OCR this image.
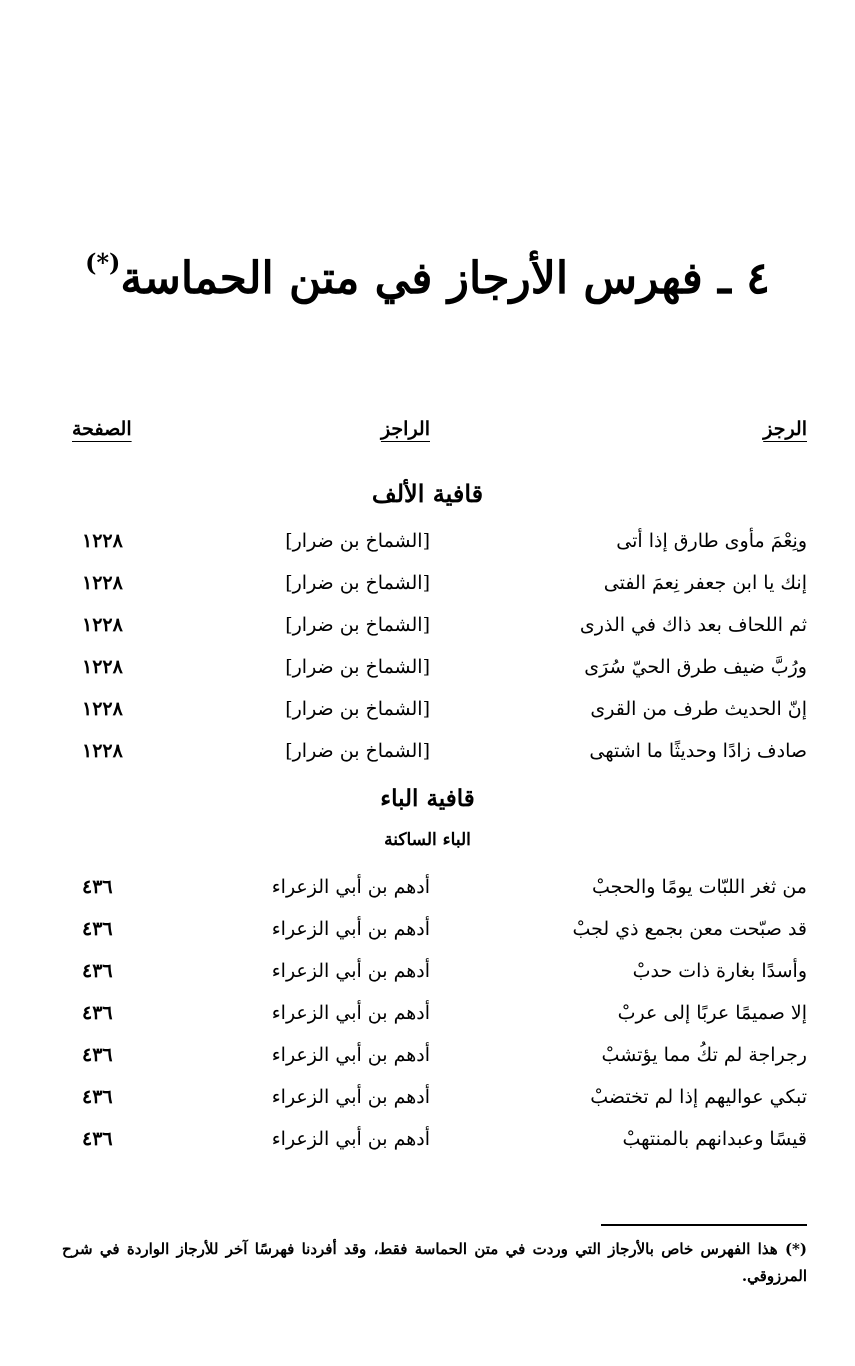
٤ ـ فهرس الأرجاز في متن الحماسة(*)
الرجز
الراجز
الصفحة
قافية الألف
ونِعْمَ مأوى طارق إذا أتى
[الشماخ بن ضرار]
١٢٢٨
إنك يا ابن جعفر نِعمَ الفتى
[الشماخ بن ضرار]
١٢٢٨
ثم اللحاف بعد ذاك في الذرى
[الشماخ بن ضرار]
١٢٢٨
ورُبَّ ضيف طرق الحيّ سُرَى
[الشماخ بن ضرار]
١٢٢٨
إنّ الحديث طرف من القرى
[الشماخ بن ضرار]
١٢٢٨
صادف زادًا وحديثًا ما اشتهى
[الشماخ بن ضرار]
١٢٢٨
قافية الباء
الباء الساكنة
من ثغر اللبّات يومًا والحجبْ
أدهم بن أبي الزعراء
٤٣٦
قد صبّحت معن بجمع ذي لجبْ
أدهم بن أبي الزعراء
٤٣٦
وأسدًا بغارة ذات حدبْ
أدهم بن أبي الزعراء
٤٣٦
إلا صميمًا عربًا إلى عربْ
أدهم بن أبي الزعراء
٤٣٦
رجراجة لم تكُ مما يؤتشبْ
أدهم بن أبي الزعراء
٤٣٦
تبكي عواليهم إذا لم تختضبْ
أدهم بن أبي الزعراء
٤٣٦
قيسًا وعبدانهم بالمنتهبْ
أدهم بن أبي الزعراء
٤٣٦

(*) هذا الفهرس خاص بالأرجاز التي وردت في متن الحماسة فقط، وقد أفردنا فهرسًا آخر للأرجاز الواردة في شرح المرزوقي.
